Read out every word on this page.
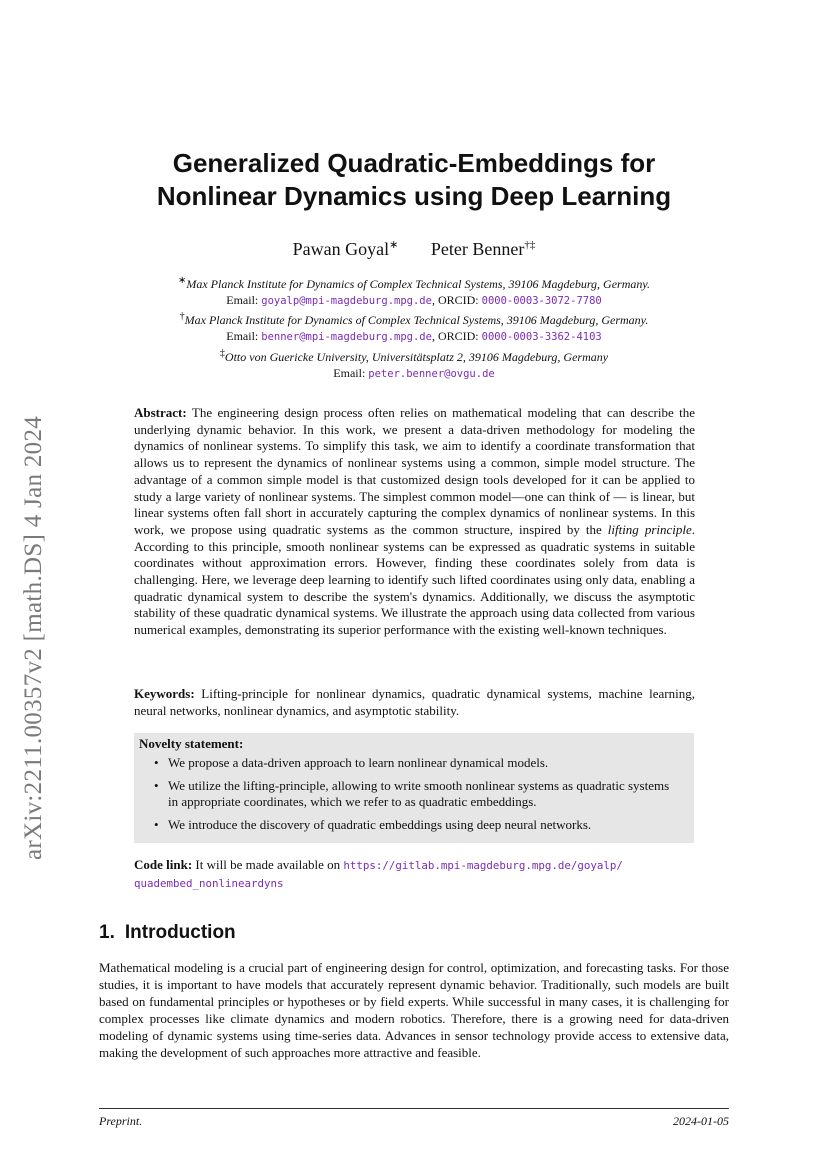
arXiv:2211.00357v2 [math.DS] 4 Jan 2024
Generalized Quadratic-Embeddings for
Nonlinear Dynamics using Deep Learning
Pawan Goyal∗ Peter Benner†‡
∗Max Planck Institute for Dynamics of Complex Technical Systems, 39106 Magdeburg, Germany.
Email: goyalp@mpi-magdeburg.mpg.de, ORCID: 0000-0003-3072-7780
†Max Planck Institute for Dynamics of Complex Technical Systems, 39106 Magdeburg, Germany.
Email: benner@mpi-magdeburg.mpg.de, ORCID: 0000-0003-3362-4103
‡Otto von Guericke University, Universitätsplatz 2, 39106 Magdeburg, Germany
Email: peter.benner@ovgu.de
Abstract: The engineering design process often relies on mathematical modeling that can describe the underlying dynamic behavior. In this work, we present a data-driven methodology for modeling the dynamics of nonlinear systems. To simplify this task, we aim to identify a coordinate transformation that allows us to represent the dynamics of nonlinear systems using a common, simple model structure. The advantage of a common simple model is that customized design tools developed for it can be applied to study a large variety of nonlinear systems. The simplest common model—one can think of — is linear, but linear systems often fall short in accurately capturing the complex dynamics of nonlinear systems. In this work, we propose using quadratic systems as the common structure, inspired by the lifting principle. According to this principle, smooth nonlinear systems can be expressed as quadratic systems in suitable coordinates without approximation errors. However, finding these coordinates solely from data is challenging. Here, we leverage deep learning to identify such lifted coordinates using only data, enabling a quadratic dynamical system to describe the system's dynamics. Additionally, we discuss the asymptotic stability of these quadratic dynamical systems. We illustrate the approach using data collected from various numerical examples, demonstrating its superior performance with the existing well-known techniques.
Keywords: Lifting-principle for nonlinear dynamics, quadratic dynamical systems, machine learning, neural networks, nonlinear dynamics, and asymptotic stability.
Novelty statement:
• We propose a data-driven approach to learn nonlinear dynamical models.
• We utilize the lifting-principle, allowing to write smooth nonlinear systems as quadratic systems in appropriate coordinates, which we refer to as quadratic embeddings.
• We introduce the discovery of quadratic embeddings using deep neural networks.
Code link: It will be made available on https://gitlab.mpi-magdeburg.mpg.de/goyalp/
quadembed_nonlineardyns
1. Introduction
Mathematical modeling is a crucial part of engineering design for control, optimization, and forecasting tasks. For those studies, it is important to have models that accurately represent dynamic behavior. Traditionally, such models are built based on fundamental principles or hypotheses or by field experts. While successful in many cases, it is challenging for complex processes like climate dynamics and modern robotics. Therefore, there is a growing need for data-driven modeling of dynamic systems using time-series data. Advances in sensor technology provide access to extensive data, making the development of such approaches more attractive and feasible.
Preprint.	2024-01-05
